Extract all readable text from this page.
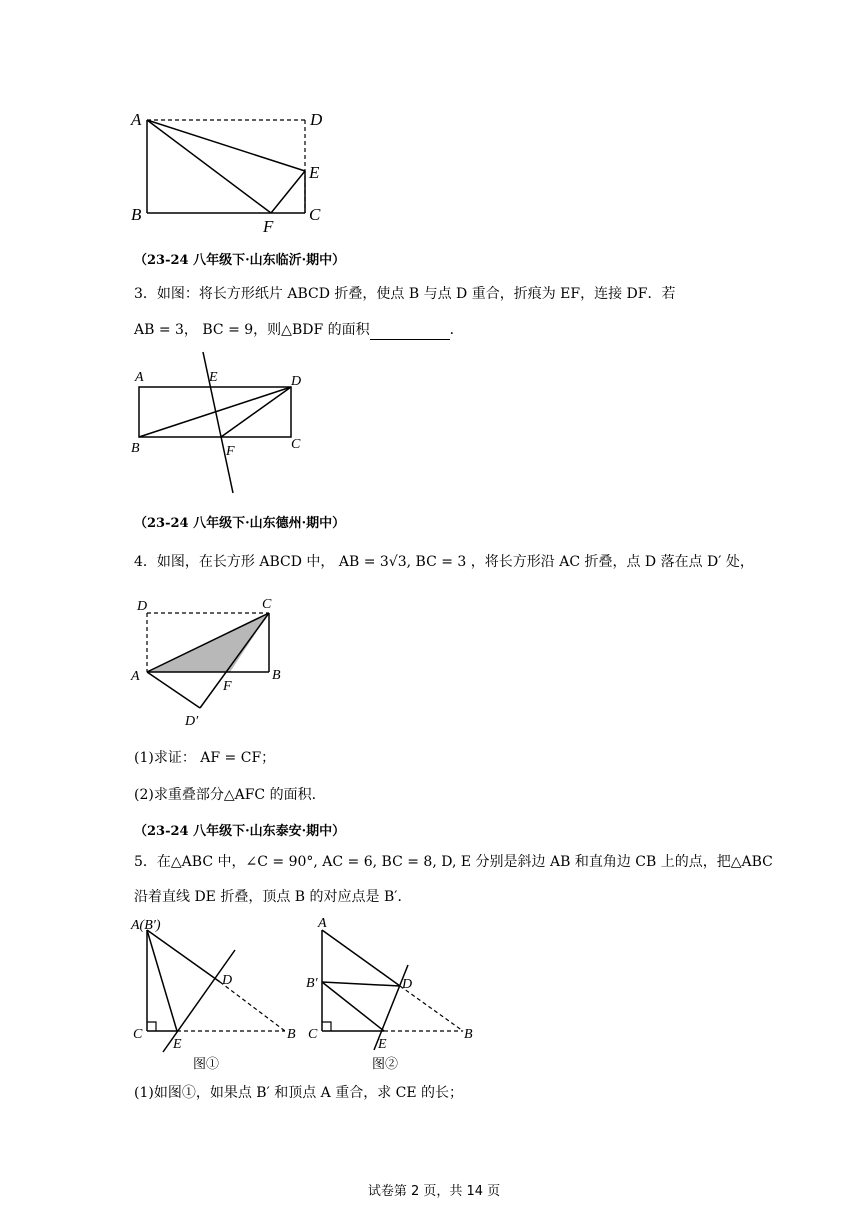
A	D
E
B	C
F
（23-24 八年级下·山东临沂·期中）
3．如图：将长方形纸片 ABCD 折叠，使点 B 与点 D 重合，折痕为 EF，连接 DF．若
AB = 3， BC = 9，则△BDF 的面积	．
A	E	D
B	F	C
（23-24 八年级下·山东德州·期中）
4．如图，在长方形 ABCD 中， AB = 3√3, BC = 3 ，将长方形沿 AC 折叠，点 D 落在点 D′ 处，
D	C
A	B
F
D′
(1)求证： AF = CF；
(2)求重叠部分△AFC 的面积.
（23-24 八年级下·山东泰安·期中）
5．在△ABC 中，∠C = 90°, AC = 6, BC = 8, D, E 分别是斜边 AB 和直角边 CB 上的点，把△ABC
沿着直线 DE 折叠，顶点 B 的对应点是 B′．
A(B′)
D
C
E
B
图①
A
B′	D
C
E
B
图②
(1)如图①，如果点 B′ 和顶点 A 重合，求 CE 的长；
试卷第 2 页，共 14 页
